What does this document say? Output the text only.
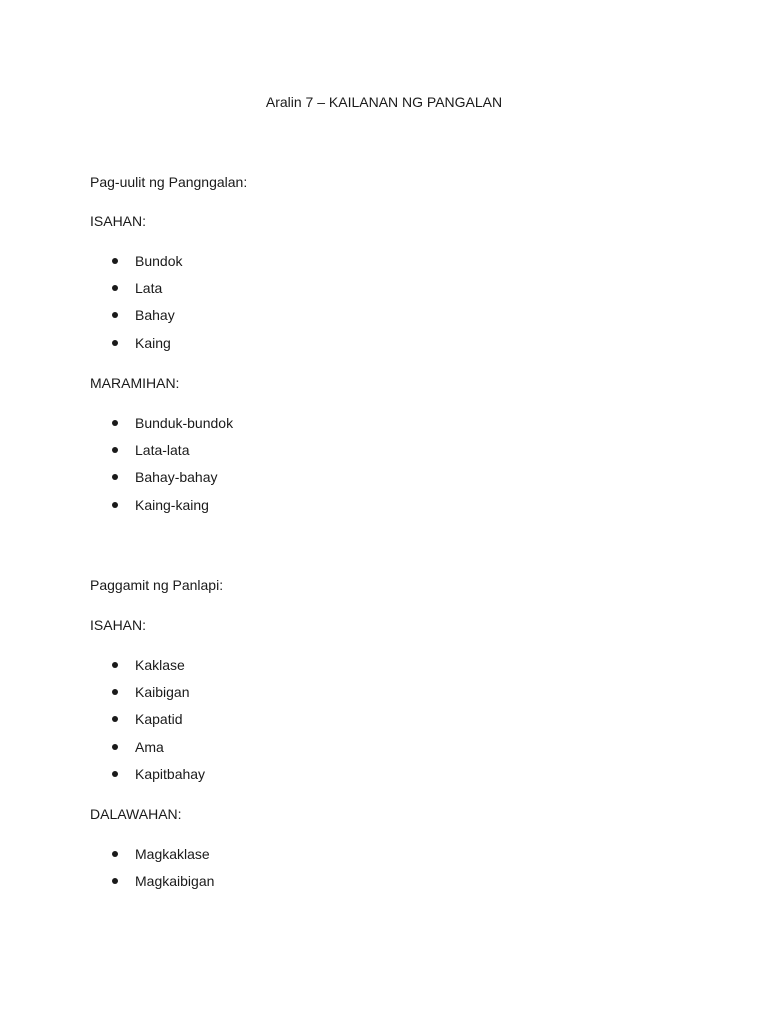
Aralin 7 – KAILANAN NG PANGALAN
Pag-uulit ng Pangngalan:
ISAHAN:
Bundok
Lata
Bahay
Kaing
MARAMIHAN:
Bunduk-bundok
Lata-lata
Bahay-bahay
Kaing-kaing
Paggamit ng Panlapi:
ISAHAN:
Kaklase
Kaibigan
Kapatid
Ama
Kapitbahay
DALAWAHAN:
Magkaklase
Magkaibigan
